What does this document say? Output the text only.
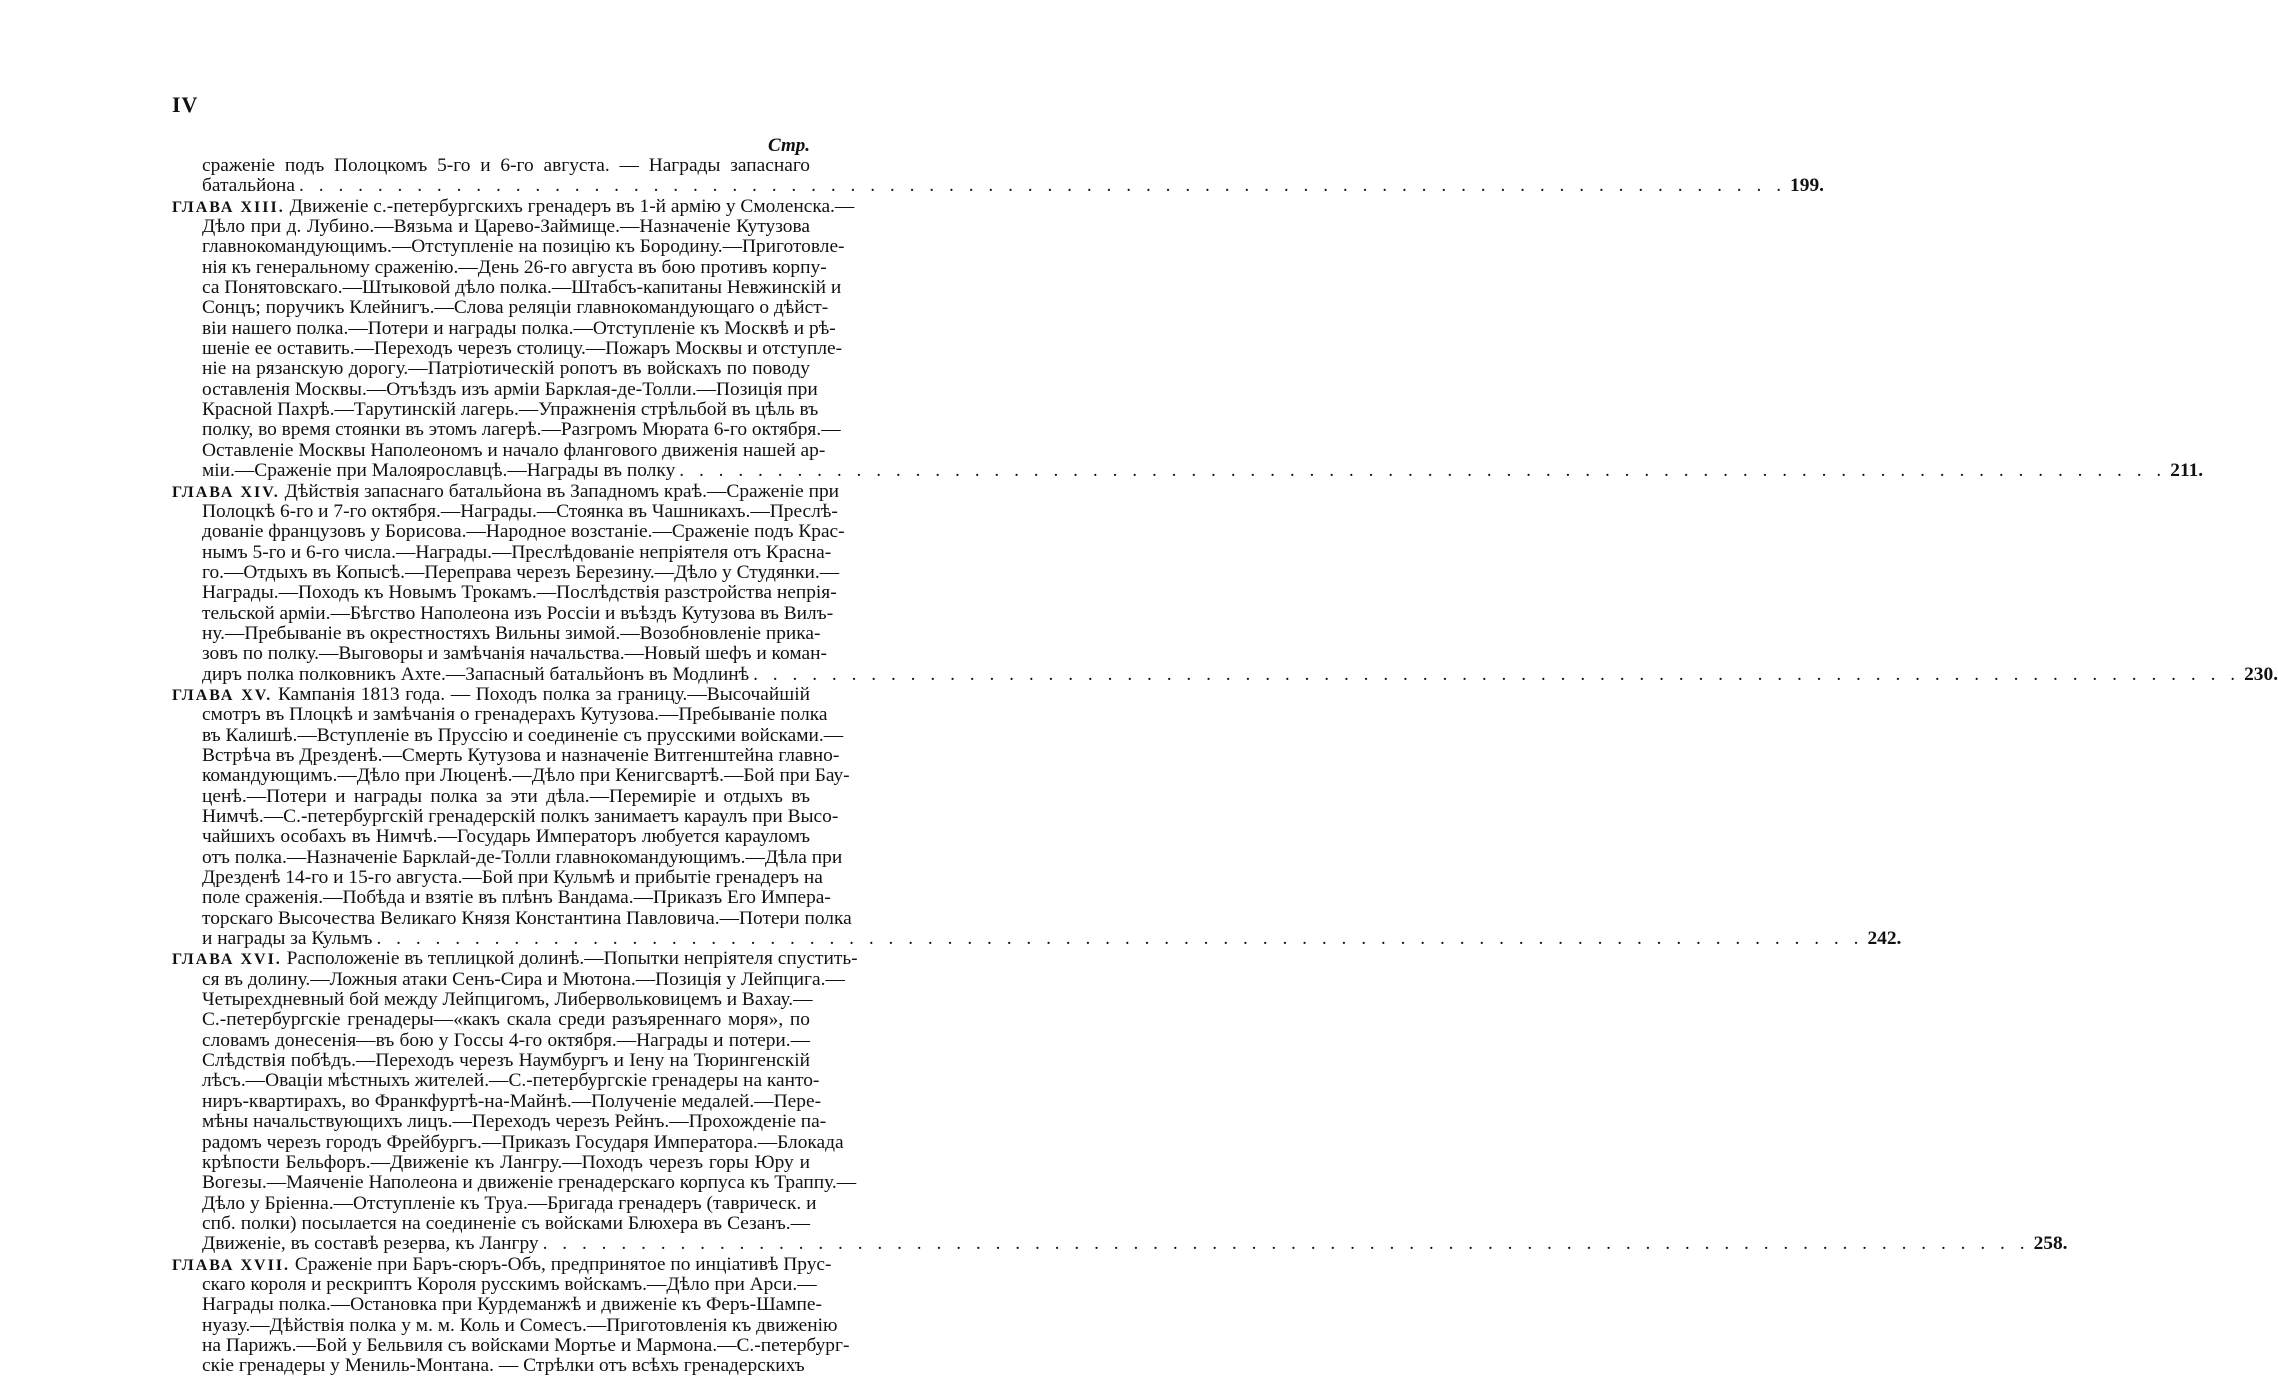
IV
Стр.
сраженіе подъ Полоцкомъ 5-го и 6-го августа. — Награды запаснаго
батальйона . . . . . . . . . . . . . . . . . . . . . . . . . . . . . . . . . . . . . . . . . . . . . . . . . . . . . . . . . . . . . . . . . . . . . . . . . . . . 199.
ГЛАВА XIII. Движеніе с.-петербургскихъ гренадеръ въ 1-й армію у Смоленска.—
Дѣло при д. Лубино.—Вязьма и Царево-Займище.—Назначеніе Кутузова
главнокомандующимъ.—Отступленіе на позицію къ Бородину.—Приготовле-
нія къ генеральному сраженію.—День 26-го августа въ бою противъ корпу-
са Понятовскаго.—Штыковой дѣло полка.—Штабсъ-капитаны Невжинскій и
Сонцъ; поручикъ Клейнигъ.—Слова реляціи главнокомандующаго о дѣйст-
віи нашего полка.—Потери и награды полка.—Отступленіе къ Москвѣ и рѣ-
шеніе ее оставить.—Переходъ черезъ столицу.—Пожаръ Москвы и отступле-
ніе на рязанскую дорогу.—Патріотическій ропотъ въ войскахъ по поводу
оставленія Москвы.—Отъѣздъ изъ арміи Барклая-де-Толли.—Позиція при
Красной Пахрѣ.—Тарутинскій лагерь.—Упражненія стрѣльбой въ цѣль въ
полку, во время стоянки въ этомъ лагерѣ.—Разгромъ Мюрата 6-го октября.—
Оставленіе Москвы Наполеономъ и начало флангового движенія нашей ар-
міи.—Сраженіе при Малоярославцѣ.—Награды въ полку . . . . . . . . . . . . . . . . . . . . . . . . . . . . . . . . . . . . . . . . . . . . . . . . . . . . . . . . . . . . . . . . . . . . . . . . . . . . 211.
ГЛАВА XIV. Дѣйствія запаснаго батальйона въ Западномъ краѣ.—Сраженіе при
Полоцкѣ 6-го и 7-го октября.—Награды.—Стоянка въ Чашникахъ.—Преслѣ-
дованіе французовъ у Борисова.—Народное возстаніе.—Сраженіе подъ Крас-
нымъ 5-го и 6-го числа.—Награды.—Преслѣдованіе непріятеля отъ Красна-
го.—Отдыхъ въ Копысѣ.—Переправа черезъ Березину.—Дѣло у Студянки.—
Награды.—Походъ къ Новымъ Трокамъ.—Послѣдствія разстройства непрія-
тельской арміи.—Бѣгство Наполеона изъ Россіи и въѣздъ Кутузова въ Вилъ-
ну.—Пребываніе въ окрестностяхъ Вильны зимой.—Возобновленіе прика-
зовъ по полку.—Выговоры и замѣчанія начальства.—Новый шефъ и коман-
диръ полка полковникъ Ахте.—Запасный батальйонъ въ Модлинѣ . . . . . . . . . . . . . . . . . . . . . . . . . . . . . . . . . . . . . . . . . . . . . . . . . . . . . . . . . . . . . . . . . . . . . . . . . . . . 230.
ГЛАВА XV. Кампанія 1813 года. — Походъ полка за границу.—Высочайшій
смотръ въ Плоцкѣ и замѣчанія о гренадерахъ Кутузова.—Пребываніе полка
въ Калишѣ.—Вступленіе въ Пруссію и соединеніе съ прусскими войсками.—
Встрѣча въ Дрезденѣ.—Смерть Кутузова и назначеніе Витгенштейна главно-
командующимъ.—Дѣло при Люценѣ.—Дѣло при Кенигсвартѣ.—Бой при Бау-
ценѣ.—Потери и награды полка за эти дѣла.—Перемиріе и отдыхъ въ
Нимчѣ.—С.-петербургскій гренадерскій полкъ занимаетъ караулъ при Высо-
чайшихъ особахъ въ Нимчѣ.—Государь Императоръ любуется карауломъ
отъ полка.—Назначеніе Барклай-де-Толли главнокомандующимъ.—Дѣла при
Дрезденѣ 14-го и 15-го августа.—Бой при Кульмѣ и прибытіе гренадеръ на
поле сраженія.—Побѣда и взятіе въ плѣнъ Вандама.—Приказъ Его Импера-
торскаго Высочества Великаго Князя Константина Павловича.—Потери полка
и награды за Кульмъ . . . . . . . . . . . . . . . . . . . . . . . . . . . . . . . . . . . . . . . . . . . . . . . . . . . . . . . . . . . . . . . . . . . . . . . . . . . . 242.
ГЛАВА XVI. Расположеніе въ теплицкой долинѣ.—Попытки непріятеля спустить-
ся въ долину.—Ложныя атаки Сенъ-Сира и Мютона.—Позиція у Лейпцига.—
Четырехдневный бой между Лейпцигомъ, Либервольковицемъ и Вахау.—
С.-петербургскіе гренадеры—«какъ скала среди разъяреннаго моря», по
словамъ донесенія—въ бою у Госсы 4-го октября.—Награды и потери.—
Слѣдствія побѣдъ.—Переходъ черезъ Наумбургъ и Іену на Тюрингенскій
лѣсъ.—Оваціи мѣстныхъ жителей.—С.-петербургскіе гренадеры на канто-
ниръ-квартирахъ, во Франкфуртѣ-на-Майнѣ.—Полученіе медалей.—Пере-
мѣны начальствующихъ лицъ.—Переходъ черезъ Рейнъ.—Прохожденіе па-
радомъ черезъ городъ Фрейбургъ.—Приказъ Государя Императора.—Блокада
крѣпости Бельфоръ.—Движеніе къ Лангру.—Походъ черезъ горы Юру и
Вогезы.—Маяченіе Наполеона и движеніе гренадерскаго корпуса къ Траппу.—
Дѣло у Бріенна.—Отступленіе къ Труа.—Бригада гренадеръ (таврическ. и
спб. полки) посылается на соединеніе съ войсками Блюхера въ Сезанъ.—
Движеніе, въ составѣ резерва, къ Лангру . . . . . . . . . . . . . . . . . . . . . . . . . . . . . . . . . . . . . . . . . . . . . . . . . . . . . . . . . . . . . . . . . . . . . . . . . . . . 258.
ГЛАВА XVII. Сраженіе при Баръ-сюръ-Объ, предпринятое по инціативѣ Прус-
скаго короля и рескриптъ Короля русскимъ войскамъ.—Дѣло при Арси.—
Награды полка.—Остановка при Курдеманжѣ и движеніе къ Феръ-Шампе-
нуазу.—Дѣйствія полка у м. м. Коль и Сомесъ.—Приготовленія къ движенію
на Парижъ.—Бой у Бельвиля съ войсками Мортье и Мармона.—С.-петербург-
скіе гренадеры у Мениль-Монтана. — Стрѣлки отъ всѣхъ гренадерскихъ
